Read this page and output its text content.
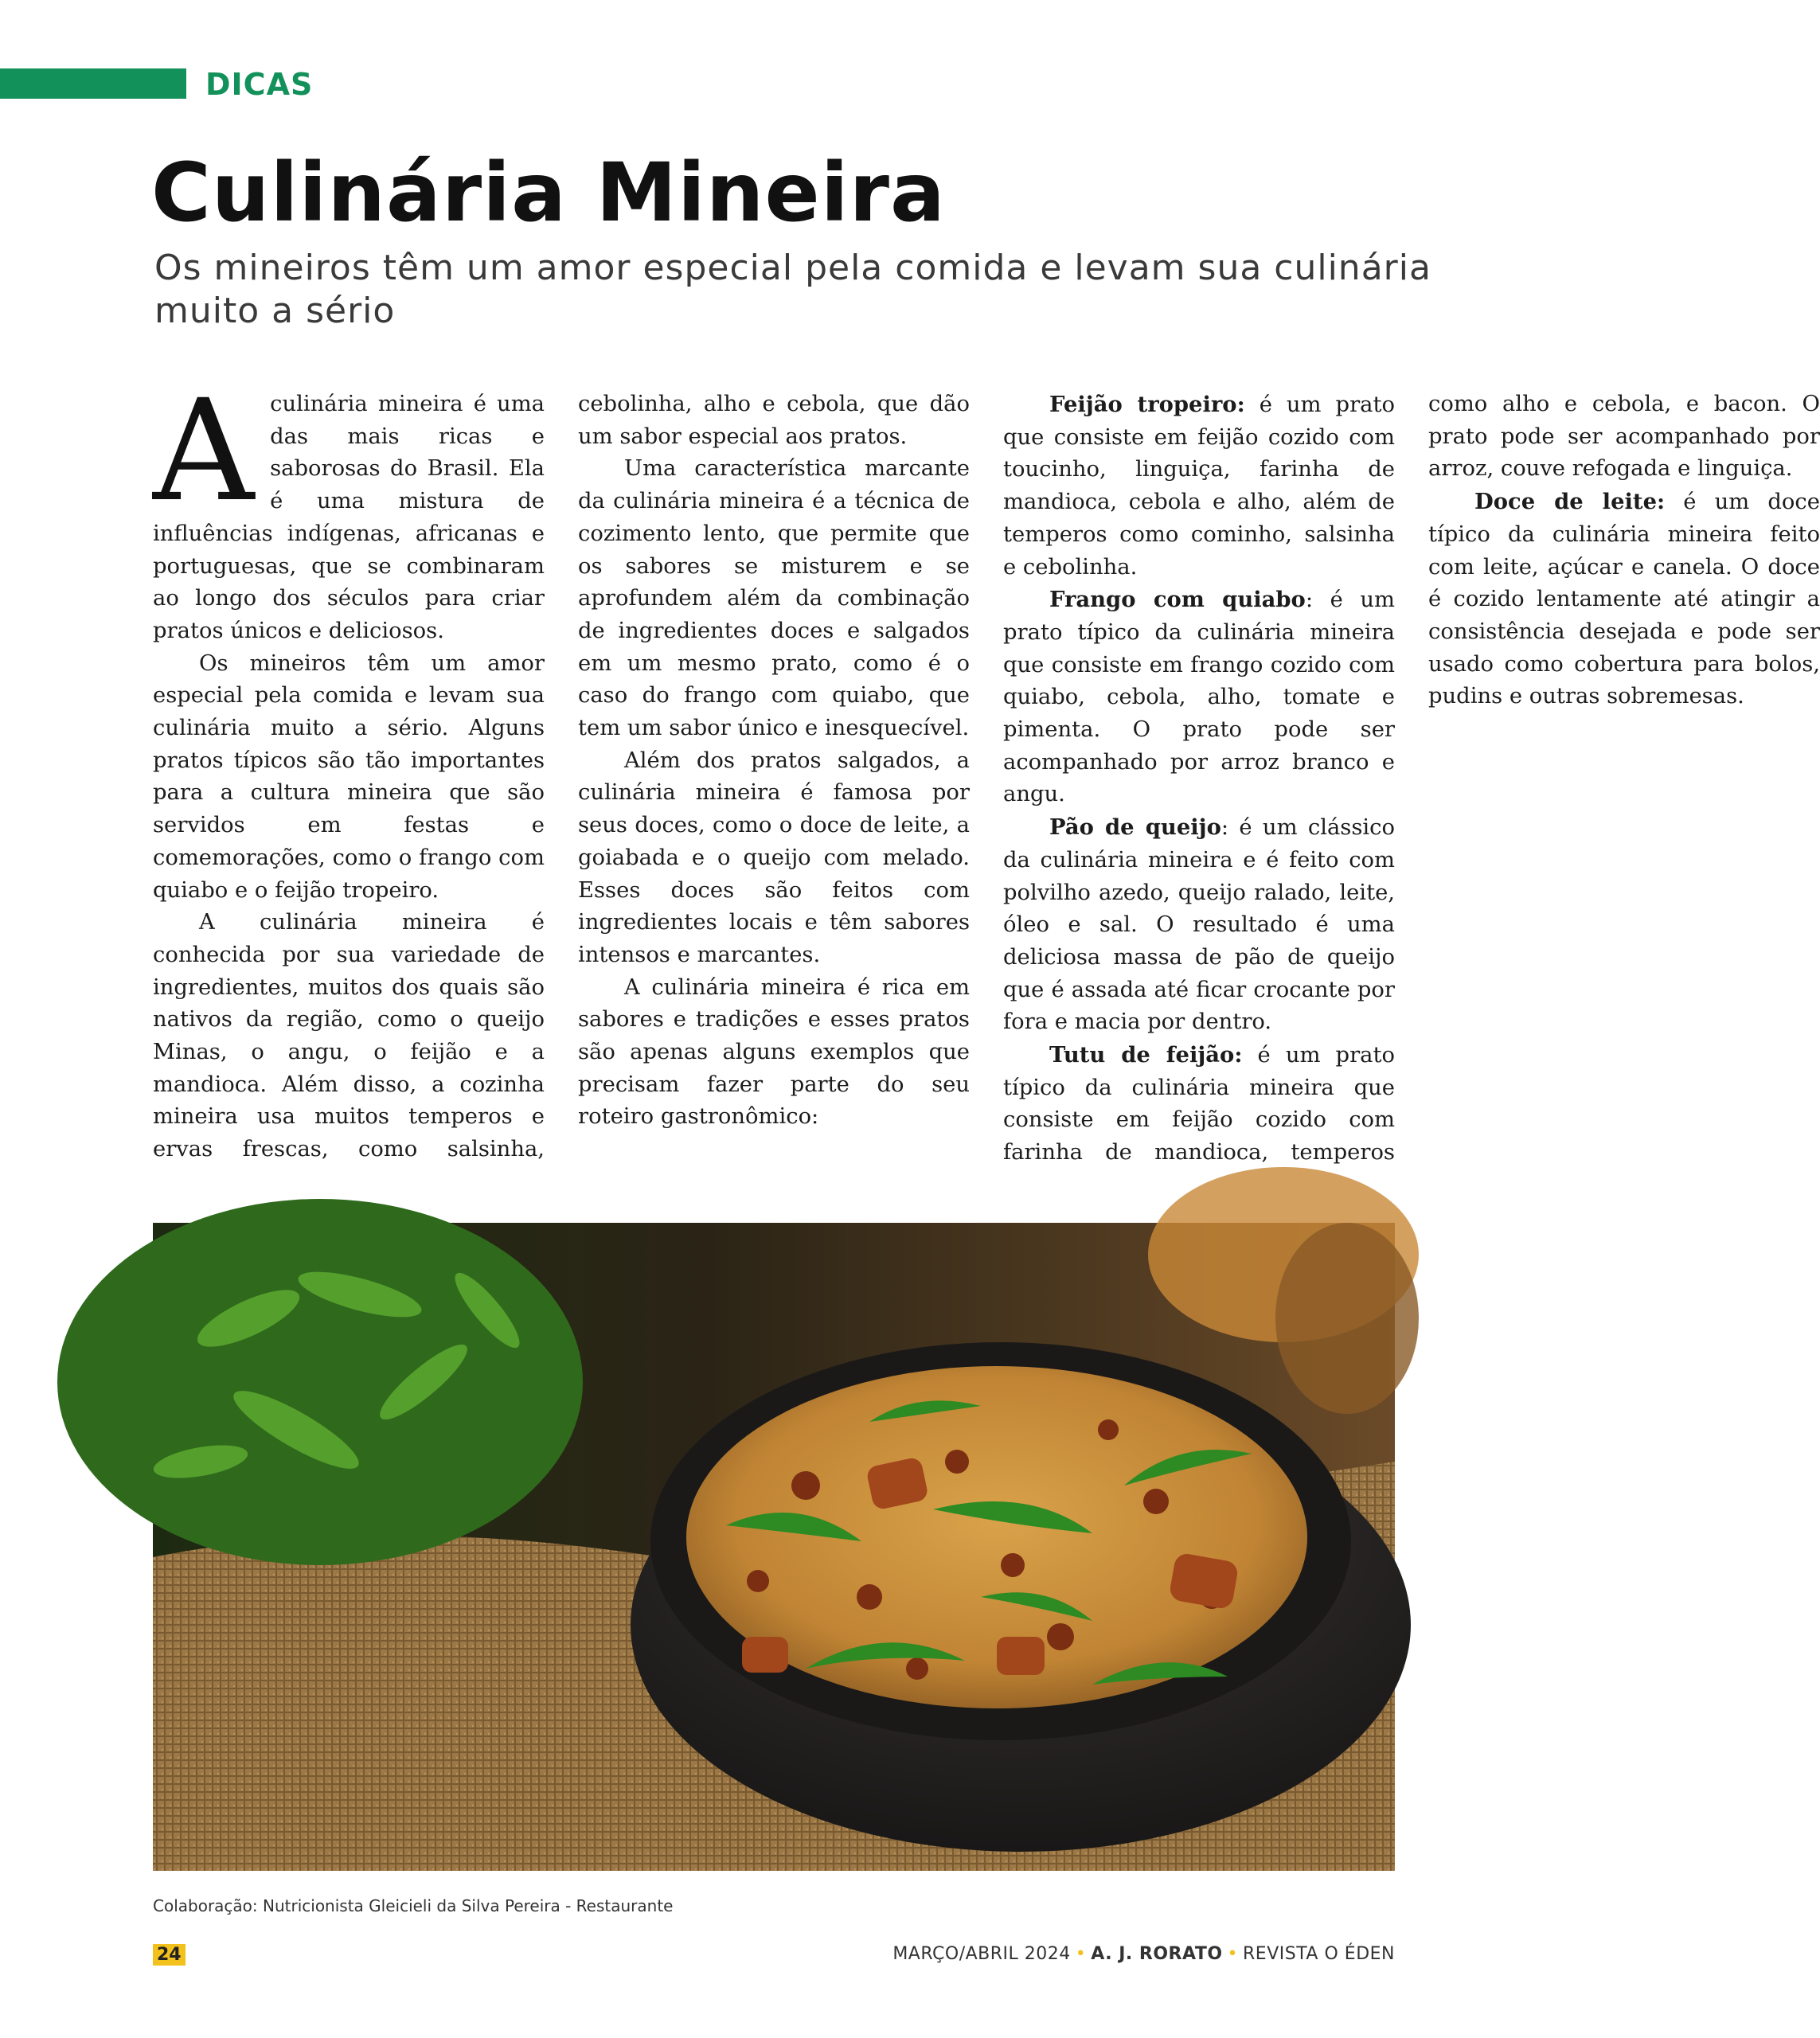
DICAS
Culinária Mineira
Os mineiros têm um amor especial pela comida e levam sua culinária muito a sério

Aculinária mineira é uma das mais ricas e saborosas do Brasil. Ela é uma mistura de influências indígenas, africanas e portuguesas, que se combinaram ao longo dos séculos para criar pratos únicos e deliciosos.

Os mineiros têm um amor especial pela comida e levam sua culinária muito a sério. Alguns pratos típicos são tão importantes para a cultura mineira que são servidos em festas e comemorações, como o frango com quiabo e o feijão tropeiro.

A culinária mineira é conhecida por sua variedade de ingredientes, muitos dos quais são nativos da região, como o queijo Minas, o angu, o feijão e a mandioca. Além disso, a cozinha mineira usa muitos temperos e ervas frescas, como salsinha, cebolinha, alho e cebola, que dão um sabor especial aos pratos.

Uma característica marcante da culinária mineira é a técnica de cozimento lento, que permite que os sabores se misturem e se aprofundem além da combinação de ingredientes doces e salgados em um mesmo prato, como é o caso do frango com quiabo, que tem um sabor único e inesquecível.

Além dos pratos salgados, a culinária mineira é famosa por seus doces, como o doce de leite, a goiabada e o queijo com melado. Esses doces são feitos com ingredientes locais e têm sabores intensos e marcantes.

A culinária mineira é rica em sabores e tradições e esses pratos são apenas alguns exemplos que precisam fazer parte do seu roteiro gastronômico:

Feijão tropeiro: é um prato que consiste em feijão cozido com toucinho, linguiça, farinha de mandioca, cebola e alho, além de temperos como cominho, salsinha e cebolinha.

Frango com quiabo: é um prato típico da culinária mineira que consiste em frango cozido com quiabo, cebola, alho, tomate e pimenta. O prato pode ser acompanhado por arroz branco e angu.

Pão de queijo: é um clássico da culinária mineira e é feito com polvilho azedo, queijo ralado, leite, óleo e sal. O resultado é uma deliciosa massa de pão de queijo que é assada até ficar crocante por fora e macia por dentro.

Tutu de feijão: é um prato típico da culinária mineira que consiste em feijão cozido com farinha de mandioca, temperos como alho e cebola, e bacon. O prato pode ser acompanhado por arroz, couve refogada e linguiça.

Doce de leite: é um doce típico da culinária mineira feito com leite, açúcar e canela. O doce é cozido lentamente até atingir a consistência desejada e pode ser usado como cobertura para bolos, pudins e outras sobremesas.

Colaboração: Nutricionista Gleicieli da Silva Pereira - Restaurante
24	MARÇO/ABRIL 2024 • A. J. RORATO • REVISTA O ÉDEN
